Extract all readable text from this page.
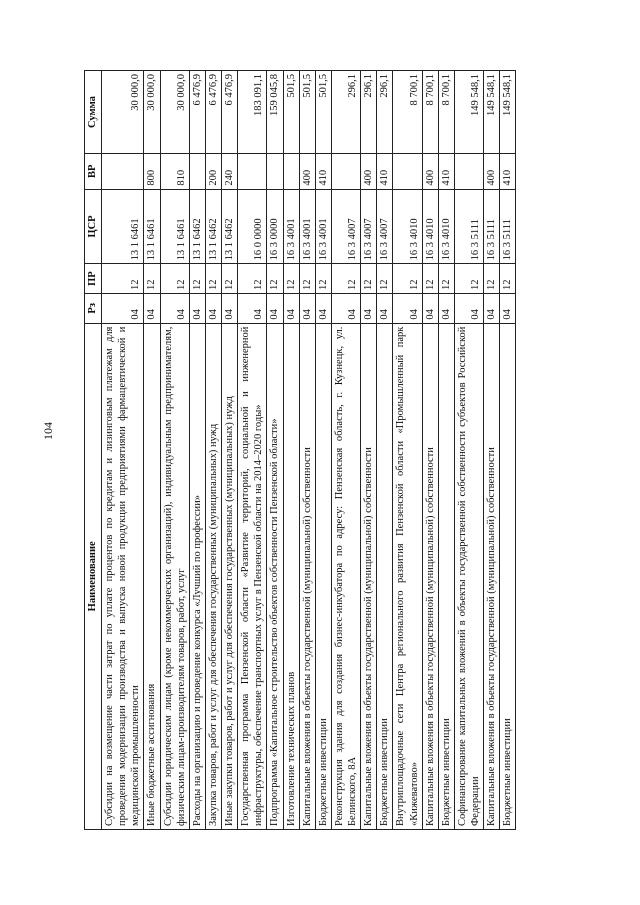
104
Наименование	Рз	ПР	ЦСР	ВР	Сумма
Субсидии на возмещение части затрат по уплате процентов по кредитам и лизинговым платежам для проведения модернизации производства и выпуска новой продукции предприятиями фармацевтической и медицинской промышленности	04	12	13 1 6461		30 000,0
Иные бюджетные ассигнования	04	12	13 1 6461	800	30 000,0
Субсидии юридическим лицам (кроме некоммерческих организаций), индивидуальным предпринимателям, физическим лицам-производителям товаров, работ, услуг	04	12	13 1 6461	810	30 000,0
Расходы на организацию и проведение конкурса «Лучший по профессии»	04	12	13 1 6462		6 476,9
Закупка товаров, работ и услуг для обеспечения государственных (муниципальных) нужд	04	12	13 1 6462	200	6 476,9
Иные закупки товаров, работ и услуг для обеспечения государственных (муниципальных) нужд	04	12	13 1 6462	240	6 476,9
Государственная программа Пензенской области «Развитие территорий, социальной и инженерной инфраструктуры, обеспечение транспортных услуг в Пензенской области на 2014–2020 годы»	04	12	16 0 0000		183 091,1
Подпрограмма «Капитальное строительство объектов собственности Пензенской области»	04	12	16 3 0000		159 045,8
Изготовление технических планов	04	12	16 3 4001		501,5
Капитальные вложения в объекты государственной (муниципальной) собственности	04	12	16 3 4001	400	501,5
Бюджетные инвестиции	04	12	16 3 4001	410	501,5
Реконструкция здания для создания бизнес-инкубатора по адресу: Пензенская область, г. Кузнецк, ул. Белинского, 8А	04	12	16 3 4007		296,1
Капитальные вложения в объекты государственной (муниципальной) собственности	04	12	16 3 4007	400	296,1
Бюджетные инвестиции	04	12	16 3 4007	410	296,1
Внутриплощадочные сети Центра регионального развития Пензенской области «Промышленный парк «Кижеватово»	04	12	16 3 4010		8 700,1
Капитальные вложения в объекты государственной (муниципальной) собственности	04	12	16 3 4010	400	8 700,1
Бюджетные инвестиции	04	12	16 3 4010	410	8 700,1
Софинансирование капитальных вложений в объекты государственной собственности субъектов Российской Федерации	04	12	16 3 5111		149 548,1
Капитальные вложения в объекты государственной (муниципальной) собственности	04	12	16 3 5111	400	149 548,1
Бюджетные инвестиции	04	12	16 3 5111	410	149 548,1
